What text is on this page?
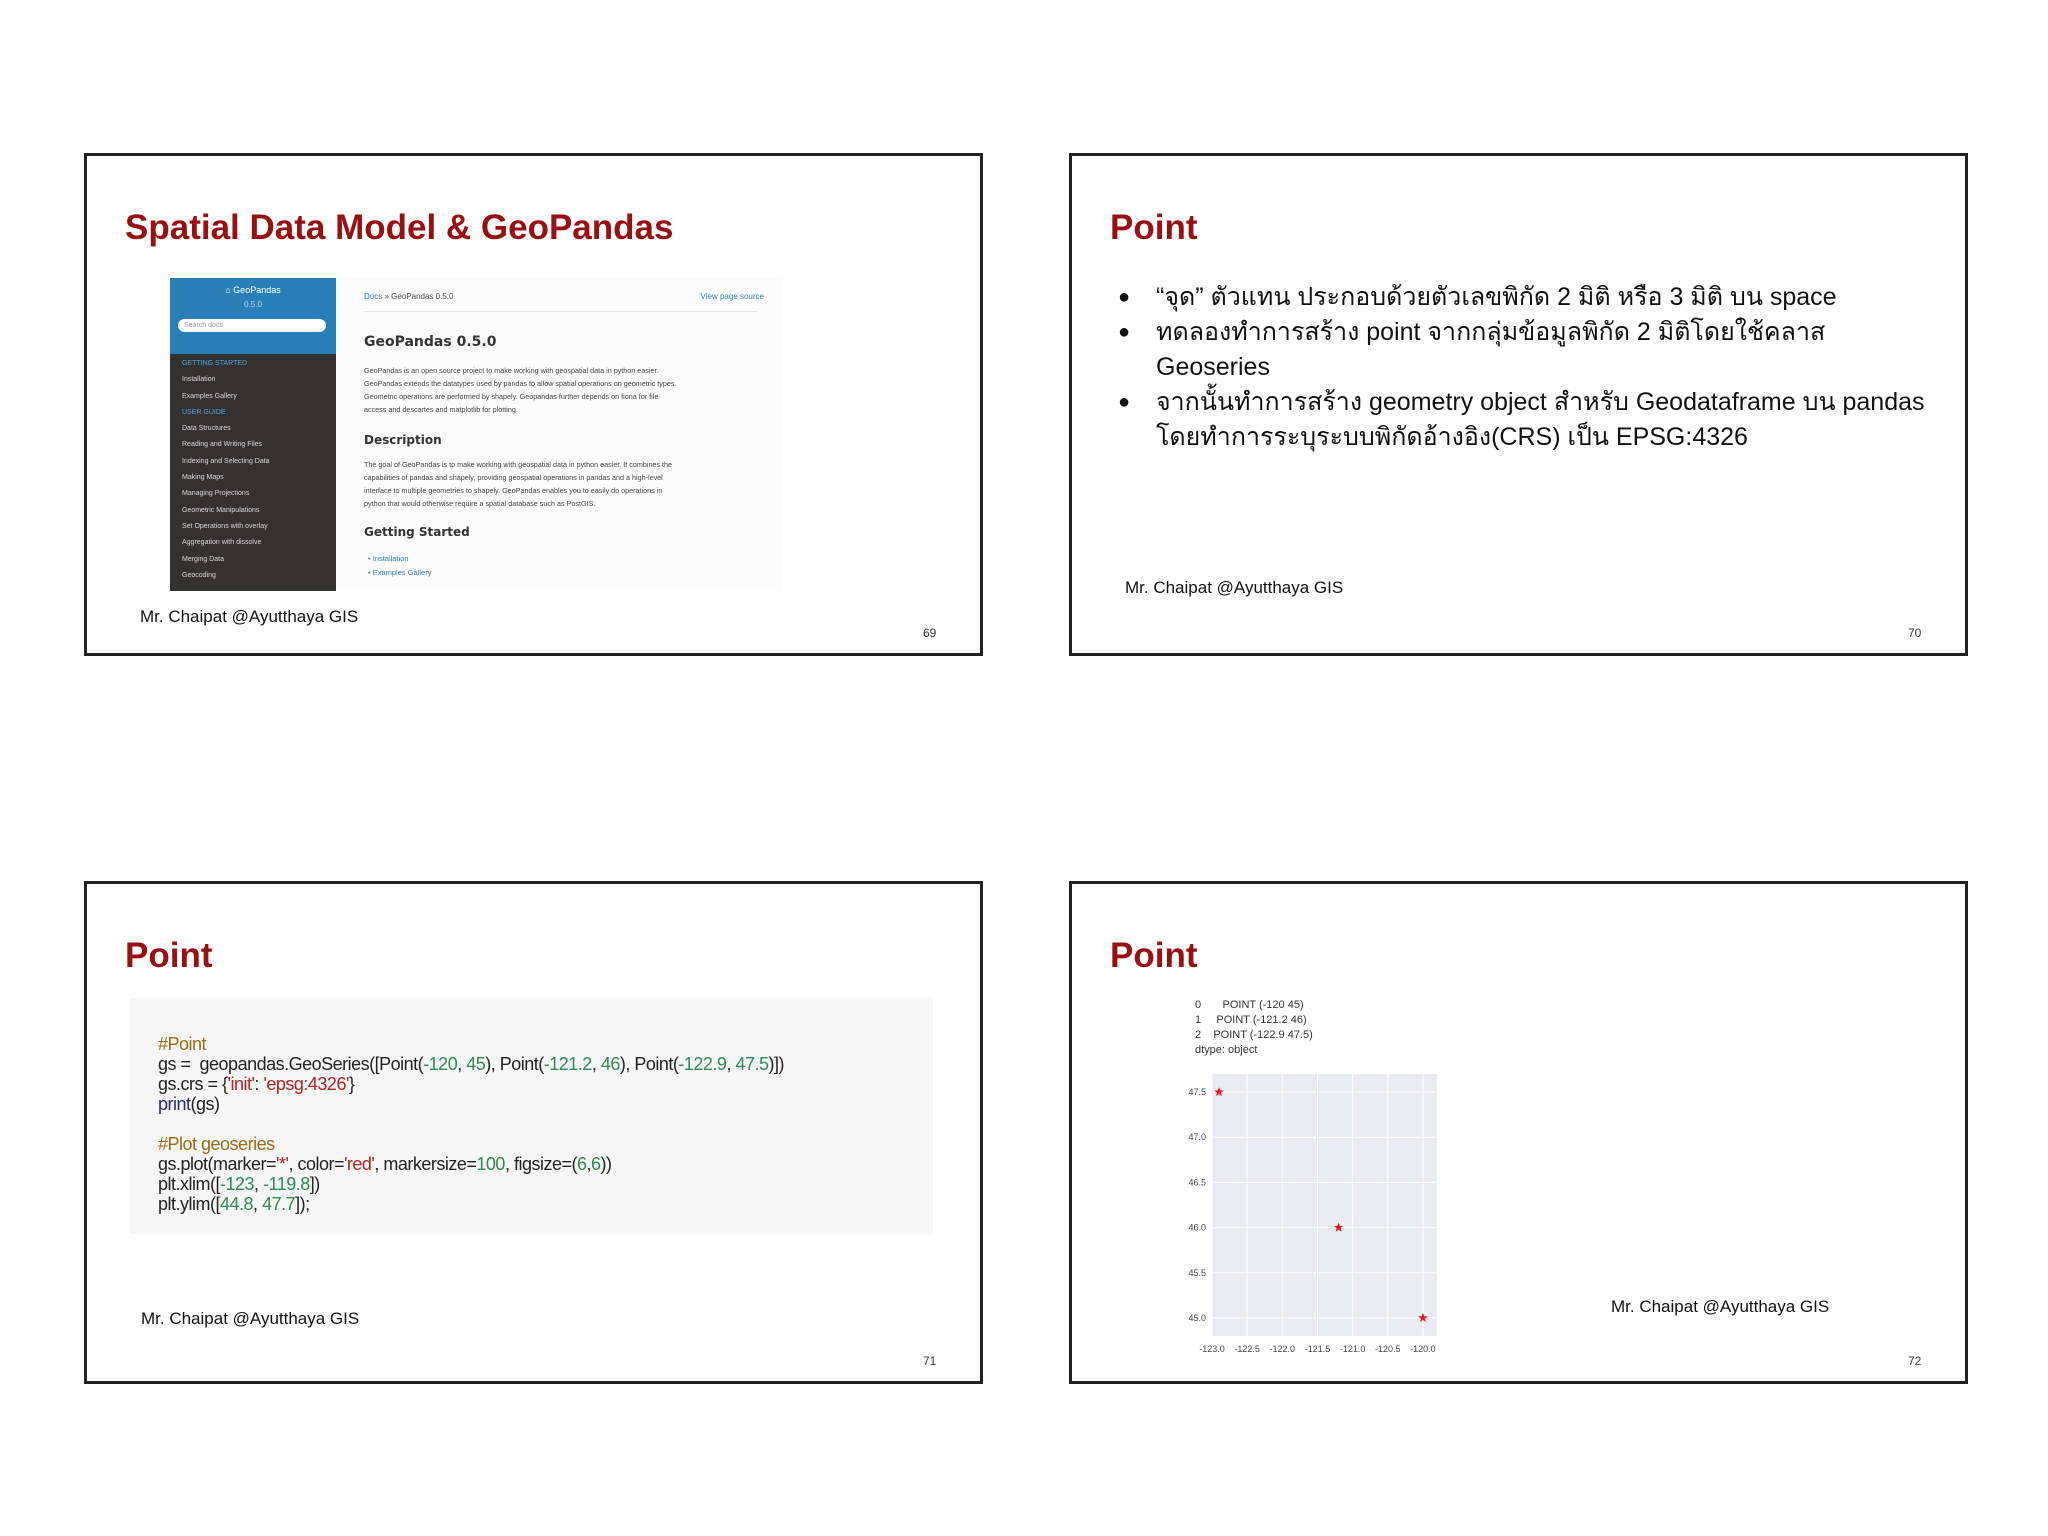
Spatial Data Model & GeoPandas
⌂ GeoPandas
0.5.0
Search docs
GETTING STARTED
Installation
Examples Gallery
USER GUIDE
Data Structures
Reading and Writing Files
Indexing and Selecting Data
Making Maps
Managing Projections
Geometric Manipulations
Set Operations with overlay
Aggregation with dissolve
Merging Data
Geocoding
Docs » GeoPandas 0.5.0	View page source
GeoPandas 0.5.0
GeoPandas is an open source project to make working with geospatial data in python easier.
GeoPandas extends the datatypes used by pandas to allow spatial operations on geometric types.
Geometric operations are performed by shapely. Geopandas further depends on fiona for file
access and descartes and matplotlib for plotting.
Description
The goal of GeoPandas is to make working with geospatial data in python easier. It combines the
capabilities of pandas and shapely, providing geospatial operations in pandas and a high-level
interface to multiple geometries to shapely. GeoPandas enables you to easily do operations in
python that would otherwise require a spatial database such as PostGIS.
Getting Started
• Installation
• Examples Gallery
Mr. Chaipat @Ayutthaya GIS
69
Point
● “จุด” ตัวแทน ประกอบด้วยตัวเลขพิกัด 2 มิติ หรือ 3 มิติ บน space
● ทดลองทำการสร้าง point จากกลุ่มข้อมูลพิกัด 2 มิติโดยใช้คลาส Geoseries
● จากนั้นทำการสร้าง geometry object สำหรับ Geodataframe บน pandas โดยทำการระบุระบบพิกัดอ้างอิง(CRS) เป็น EPSG:4326
Mr. Chaipat @Ayutthaya GIS
70
Point
#Point
gs =  geopandas.GeoSeries([Point(-120, 45), Point(-121.2, 46), Point(-122.9, 47.5)])
gs.crs = {'init': 'epsg:4326'}
print(gs)
#Plot geoseries
gs.plot(marker='*', color='red', markersize=100, figsize=(6,6))
plt.xlim([-123, -119.8])
plt.ylim([44.8, 47.7]);
Mr. Chaipat @Ayutthaya GIS
71
Point
0       POINT (-120 45)
1     POINT (-121.2 46)
2    POINT (-122.9 47.5)
dtype: object
-123.0 -122.5 -122.0 -121.5 -121.0 -120.5 -120.0
45.0
45.5
46.0
46.5
47.0
47.5
Mr. Chaipat @Ayutthaya GIS
72
